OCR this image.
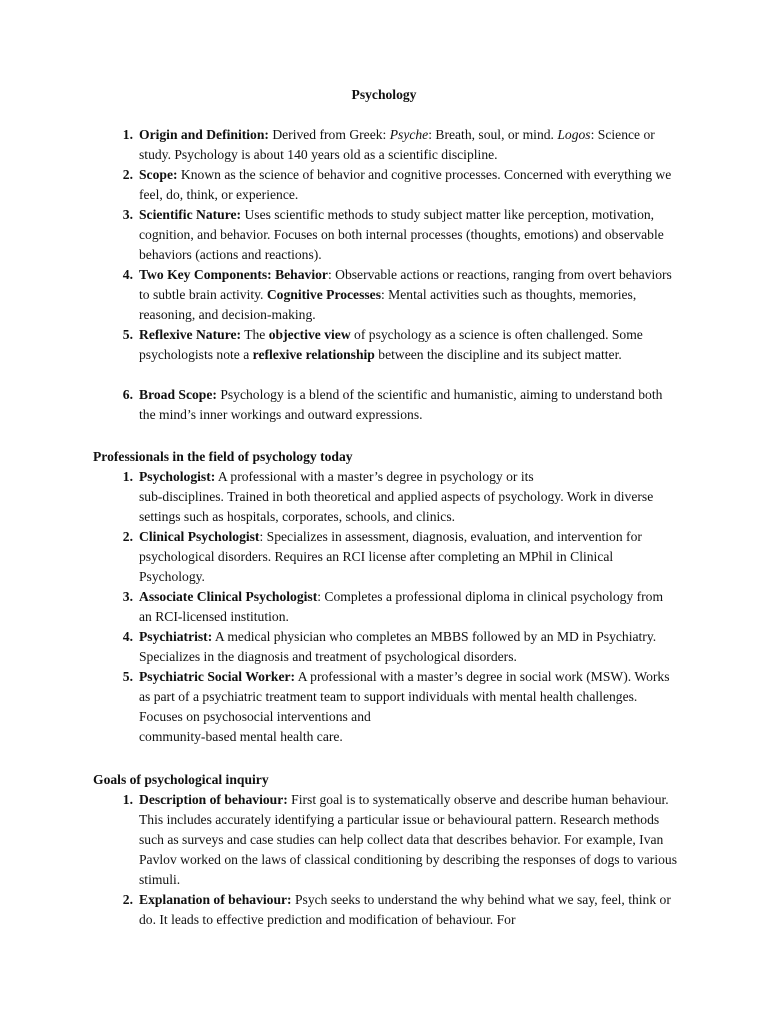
Psychology
1. Origin and Definition: Derived from Greek: Psyche: Breath, soul, or mind. Logos: Science or study. Psychology is about 140 years old as a scientific discipline.
2. Scope: Known as the science of behavior and cognitive processes. Concerned with everything we feel, do, think, or experience.
3. Scientific Nature: Uses scientific methods to study subject matter like perception, motivation, cognition, and behavior. Focuses on both internal processes (thoughts, emotions) and observable behaviors (actions and reactions).
4. Two Key Components: Behavior: Observable actions or reactions, ranging from overt behaviors to subtle brain activity. Cognitive Processes: Mental activities such as thoughts, memories, reasoning, and decision-making.
5. Reflexive Nature: The objective view of psychology as a science is often challenged. Some psychologists note a reflexive relationship between the discipline and its subject matter.
6. Broad Scope: Psychology is a blend of the scientific and humanistic, aiming to understand both the mind’s inner workings and outward expressions.
Professionals in the field of psychology today
1. Psychologist: A professional with a master’s degree in psychology or its
sub-disciplines. Trained in both theoretical and applied aspects of psychology. Work in diverse settings such as hospitals, corporates, schools, and clinics.
2. Clinical Psychologist: Specializes in assessment, diagnosis, evaluation, and intervention for psychological disorders. Requires an RCI license after completing an MPhil in Clinical Psychology.
3. Associate Clinical Psychologist: Completes a professional diploma in clinical psychology from an RCI-licensed institution.
4. Psychiatrist: A medical physician who completes an MBBS followed by an MD in Psychiatry. Specializes in the diagnosis and treatment of psychological disorders.
5. Psychiatric Social Worker: A professional with a master’s degree in social work (MSW). Works as part of a psychiatric treatment team to support individuals with mental health challenges. Focuses on psychosocial interventions and
community-based mental health care.
Goals of psychological inquiry
1. Description of behaviour: First goal is to systematically observe and describe human behaviour. This includes accurately identifying a particular issue or behavioural pattern. Research methods such as surveys and case studies can help collect data that describes behavior. For example, Ivan Pavlov worked on the laws of classical conditioning by describing the responses of dogs to various stimuli.
2. Explanation of behaviour: Psych seeks to understand the why behind what we say, feel, think or do. It leads to effective prediction and modification of behaviour. For
